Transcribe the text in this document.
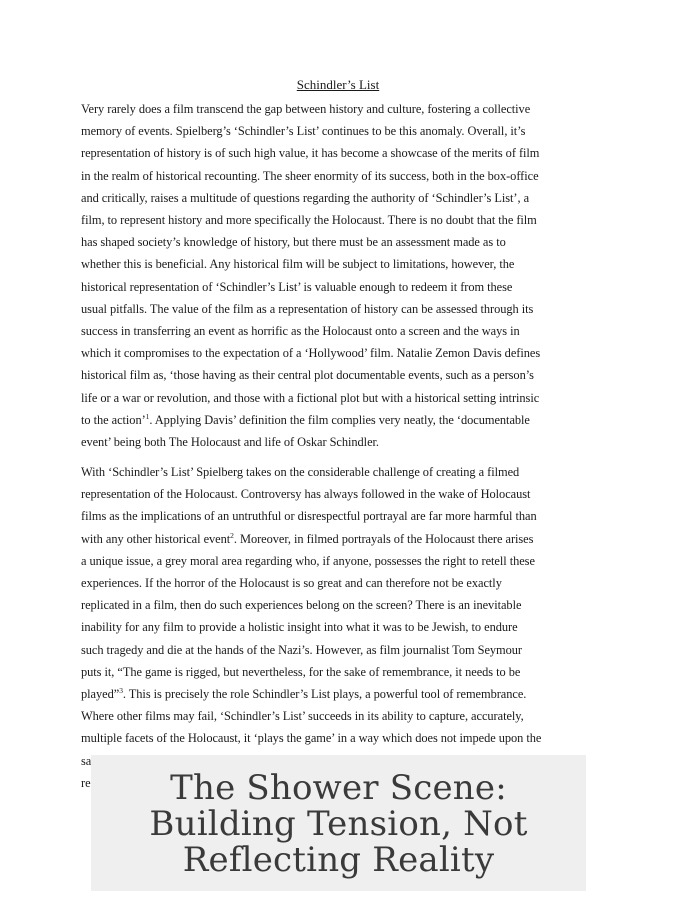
Schindler’s List
Very rarely does a film transcend the gap between history and culture, fostering a collective
memory of events. Spielberg’s ‘Schindler’s List’ continues to be this anomaly. Overall, it’s
representation of history is of such high value, it has become a showcase of the merits of film
in the realm of historical recounting. The sheer enormity of its success, both in the box-office
and critically, raises a multitude of questions regarding the authority of ‘Schindler’s List’, a
film, to represent history and more specifically the Holocaust. There is no doubt that the film
has shaped society’s knowledge of history, but there must be an assessment made as to
whether this is beneficial. Any historical film will be subject to limitations, however, the
historical representation of ‘Schindler’s List’ is valuable enough to redeem it from these
usual pitfalls. The value of the film as a representation of history can be assessed through its
success in transferring an event as horrific as the Holocaust onto a screen and the ways in
which it compromises to the expectation of a ‘Hollywood’ film. Natalie Zemon Davis defines
historical film as, ‘those having as their central plot documentable events, such as a person’s
life or a war or revolution, and those with a fictional plot but with a historical setting intrinsic
to the action’$^1$. Applying Davis’ definition the film complies very neatly, the ‘documentable
event’ being both The Holocaust and life of Oskar Schindler.
With ‘Schindler’s List’ Spielberg takes on the considerable challenge of creating a filmed
representation of the Holocaust. Controversy has always followed in the wake of Holocaust
films as the implications of an untruthful or disrespectful portrayal are far more harmful than
with any other historical event$^2$. Moreover, in filmed portrayals of the Holocaust there arises
a unique issue, a grey moral area regarding who, if anyone, possesses the right to retell these
experiences. If the horror of the Holocaust is so great and can therefore not be exactly
replicated in a film, then do such experiences belong on the screen? There is an inevitable
inability for any film to provide a holistic insight into what it was to be Jewish, to endure
such tragedy and die at the hands of the Nazi’s. However, as film journalist Tom Seymour
puts it, “The game is rigged, but nevertheless, for the sake of remembrance, it needs to be
played”$^3$. This is precisely the role Schindler’s List plays, a powerful tool of remembrance.
Where other films may fail, ‘Schindler’s List’ succeeds in its ability to capture, accurately,
multiple facets of the Holocaust, it ‘plays the game’ in a way which does not impede upon the
sa
re	The Shower Scene:
Building Tension, Not
Reflecting Reality
